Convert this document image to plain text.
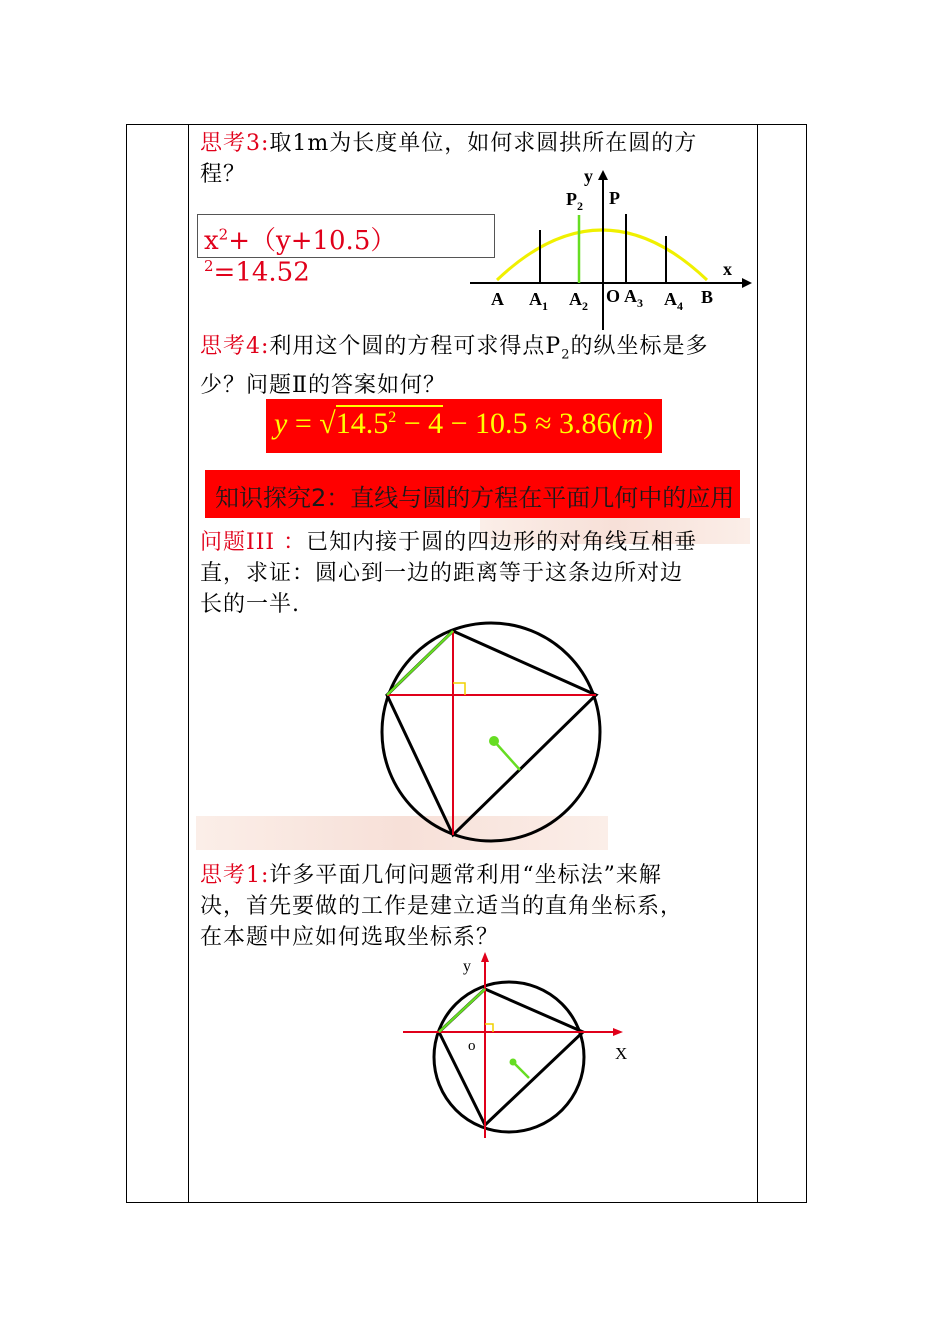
思考3:取1m为长度单位，如何求圆拱所在圆的方
程？
$x^2+(y+10.5)^2=14.52$
y
x
$P_2$ P
A $A_1$ $A_2$ O $A_3$ $A_4$ B
思考4:利用这个圆的方程可求得点$P_2$的纵坐标是多
少？问题Ⅱ的答案如何？
$y = √14.5^2 - 4 - 10.5 \approx 3.86(m)$
知识探究2：直线与圆的方程在平面几何中的应用
问题III ：已知内接于圆的四边形的对角线互相垂
直，求证：圆心到一边的距离等于这条边所对边
长的一半.
思考1:许多平面几何问题常利用“坐标法”来解
决，首先要做的工作是建立适当的直角坐标系，
在本题中应如何选取坐标系？
y
o	X
